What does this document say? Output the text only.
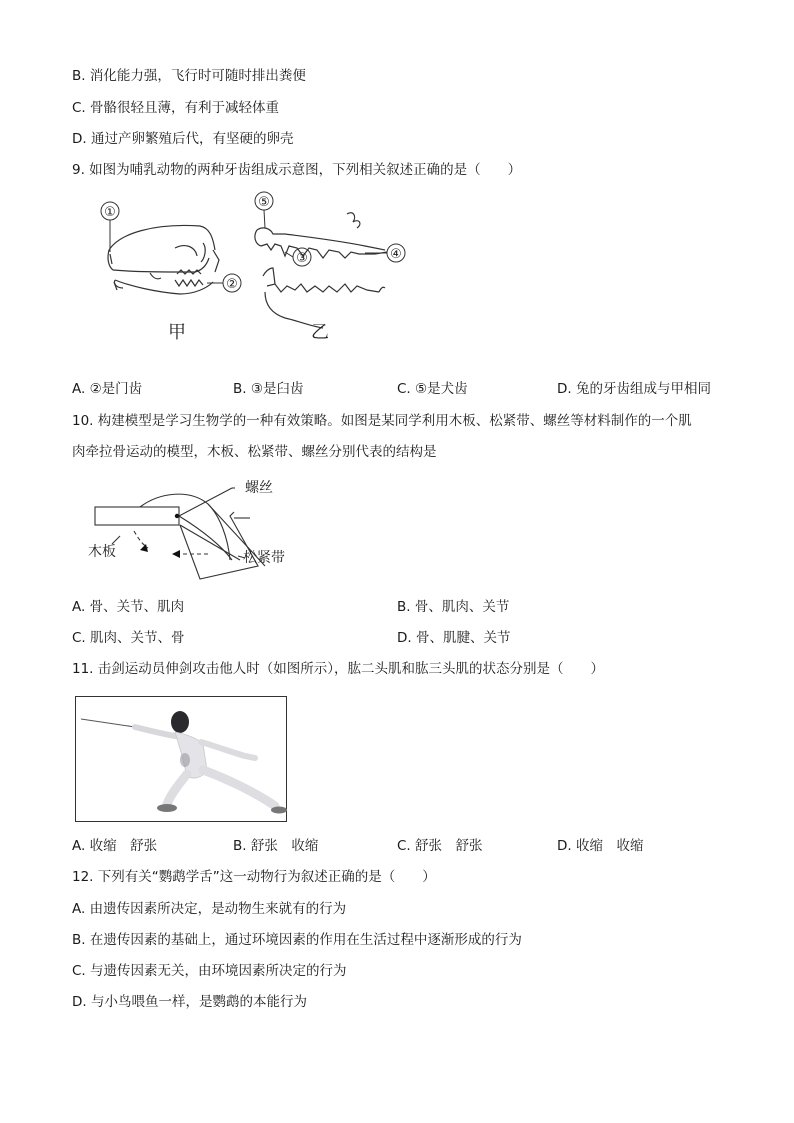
B. 消化能力强，飞行时可随时排出粪便
C. 骨骼很轻且薄，有利于减轻体重
D. 通过产卵繁殖后代，有坚硬的卵壳
9. 如图为哺乳动物的两种牙齿组成示意图，下列相关叙述正确的是（　　）
①
②
甲
⑤
③	④
乙
A. ②是门齿	B. ③是臼齿	C. ⑤是犬齿	D. 兔的牙齿组成与甲相同
10. 构建模型是学习生物学的一种有效策略。如图是某同学利用木板、松紧带、螺丝等材料制作的一个肌
肉牵拉骨运动的模型，木板、松紧带、螺丝分别代表的结构是
螺丝
木板	松紧带
A. 骨、关节、肌肉	B. 骨、肌肉、关节
C. 肌肉、关节、骨	D. 骨、肌腱、关节
11. 击剑运动员伸剑攻击他人时（如图所示），肱二头肌和肱三头肌的状态分别是（　　）
A. 收缩　舒张	B. 舒张　收缩	C. 舒张　舒张	D. 收缩　收缩
12. 下列有关“鹦鹉学舌”这一动物行为叙述正确的是（　　）
A. 由遗传因素所决定，是动物生来就有的行为
B. 在遗传因素的基础上，通过环境因素的作用在生活过程中逐渐形成的行为
C. 与遗传因素无关，由环境因素所决定的行为
D. 与小鸟喂鱼一样，是鹦鹉的本能行为
